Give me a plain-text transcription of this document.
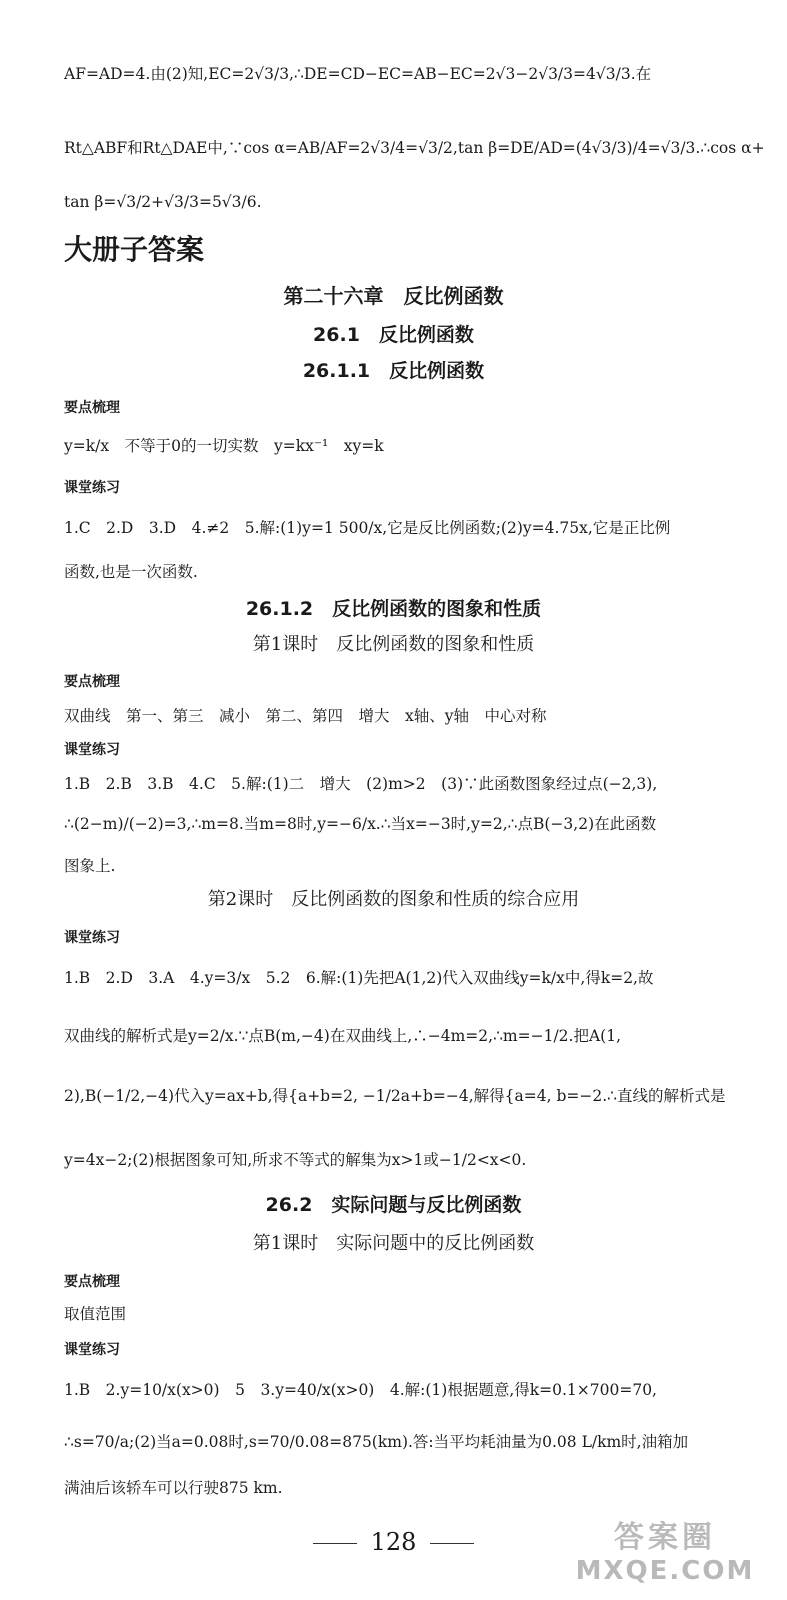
AF=AD=4.由(2)知,EC=2√3/3,∴DE=CD−EC=AB−EC=2√3−2√3/3=4√3/3.在
Rt△ABF和Rt△DAE中,∵cos α=AB/AF=2√3/4=√3/2,tan β=DE/AD=(4√3/3)/4=√3/3.∴cos α+
tan β=√3/2+√3/3=5√3/6.
大册子答案
第二十六章　反比例函数
26.1　反比例函数
26.1.1　反比例函数
要点梳理
y=k/x　不等于0的一切实数　y=kx⁻¹　xy=k
课堂练习
1.C　2.D　3.D　4.≠2　5.解:(1)y=1 500/x,它是反比例函数;(2)y=4.75x,它是正比例
函数,也是一次函数.
26.1.2　反比例函数的图象和性质
第1课时　反比例函数的图象和性质
要点梳理
双曲线　第一、第三　减小　第二、第四　增大　x轴、y轴　中心对称
课堂练习
1.B　2.B　3.B　4.C　5.解:(1)二　增大　(2)m>2　(3)∵此函数图象经过点(−2,3),
∴(2−m)/(−2)=3,∴m=8.当m=8时,y=−6/x.∴当x=−3时,y=2,∴点B(−3,2)在此函数
图象上.
第2课时　反比例函数的图象和性质的综合应用
课堂练习
1.B　2.D　3.A　4.y=3/x　5.2　6.解:(1)先把A(1,2)代入双曲线y=k/x中,得k=2,故
双曲线的解析式是y=2/x.∵点B(m,−4)在双曲线上,∴−4m=2,∴m=−1/2.把A(1,
2),B(−1/2,−4)代入y=ax+b,得{a+b=2, −1/2a+b=−4,解得{a=4, b=−2.∴直线的解析式是
y=4x−2;(2)根据图象可知,所求不等式的解集为x>1或−1/2<x<0.
26.2　实际问题与反比例函数
第1课时　实际问题中的反比例函数
要点梳理
取值范围
课堂练习
1.B　2.y=10/x(x>0)　5　3.y=40/x(x>0)　4.解:(1)根据题意,得k=0.1×700=70,
∴s=70/a;(2)当a=0.08时,s=70/0.08=875(km).答:当平均耗油量为0.08 L/km时,油箱加
满油后该轿车可以行驶875 km.
128	答案圈
MXQE.COM
